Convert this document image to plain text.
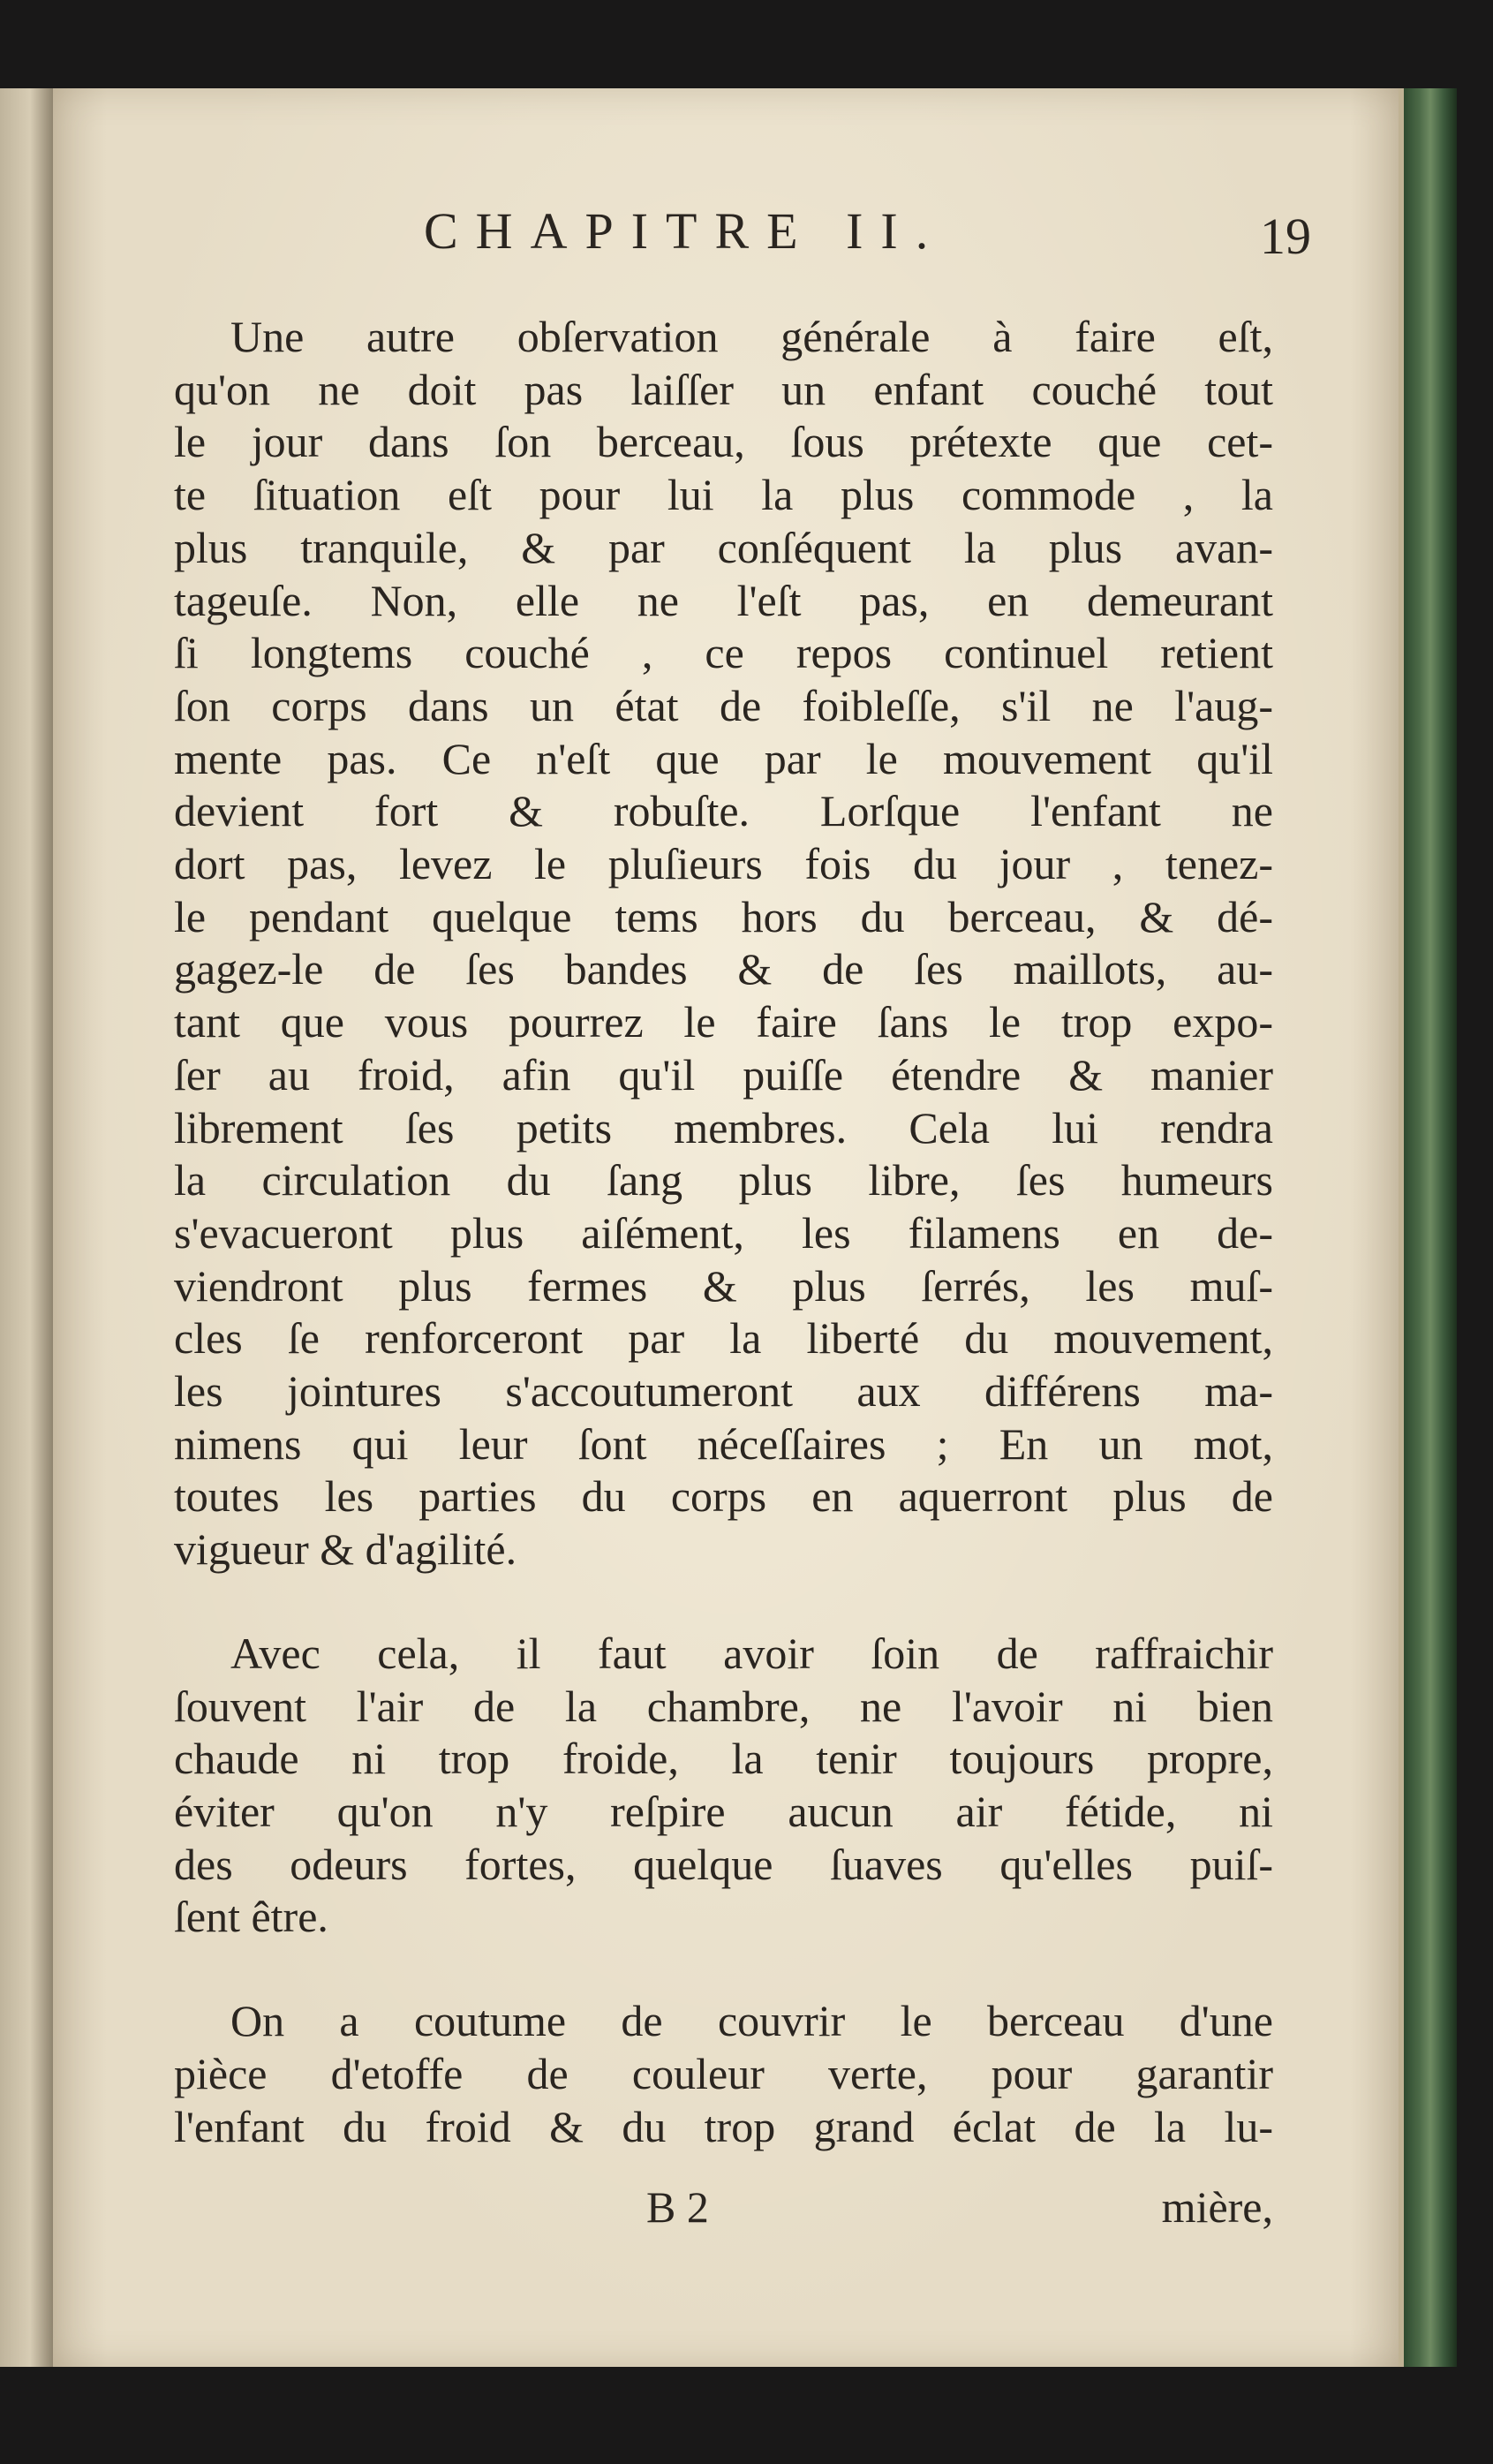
CHAPITRE II.	19

Une autre obſervation générale à faire eſt,
qu'on ne doit pas laiſſer un enfant couché tout
le jour dans ſon berceau, ſous prétexte que cet-
te ſituation eſt pour lui la plus commode , la
plus tranquile, & par conſéquent la plus avan-
tageuſe. Non, elle ne l'eſt pas, en demeurant
ſi longtems couché , ce repos continuel retient
ſon corps dans un état de foibleſſe, s'il ne l'aug-
mente pas. Ce n'eſt que par le mouvement qu'il
devient fort & robuſte. Lorſque l'enfant ne
dort pas, levez le pluſieurs fois du jour , tenez-
le pendant quelque tems hors du berceau, & dé-
gagez-le de ſes bandes & de ſes maillots, au-
tant que vous pourrez le faire ſans le trop expo-
ſer au froid, afin qu'il puiſſe étendre & manier
librement ſes petits membres. Cela lui rendra
la circulation du ſang plus libre, ſes humeurs
s'evacueront plus aiſément, les filamens en de-
viendront plus fermes & plus ſerrés, les muſ-
cles ſe renforceront par la liberté du mouvement,
les jointures s'accoutumeront aux différens ma-
nimens qui leur ſont néceſſaires ; En un mot,
toutes les parties du corps en aquerront plus de
vigueur & d'agilité.

Avec cela, il faut avoir ſoin de raffraichir
ſouvent l'air de la chambre, ne l'avoir ni bien
chaude ni trop froide, la tenir toujours propre,
éviter qu'on n'y reſpire aucun air fétide, ni
des odeurs fortes, quelque ſuaves qu'elles puiſ-
ſent être.

On a coutume de couvrir le berceau d'une
pièce d'etoffe de couleur verte, pour garantir
l'enfant du froid & du trop grand éclat de la lu-

B 2	mière,
